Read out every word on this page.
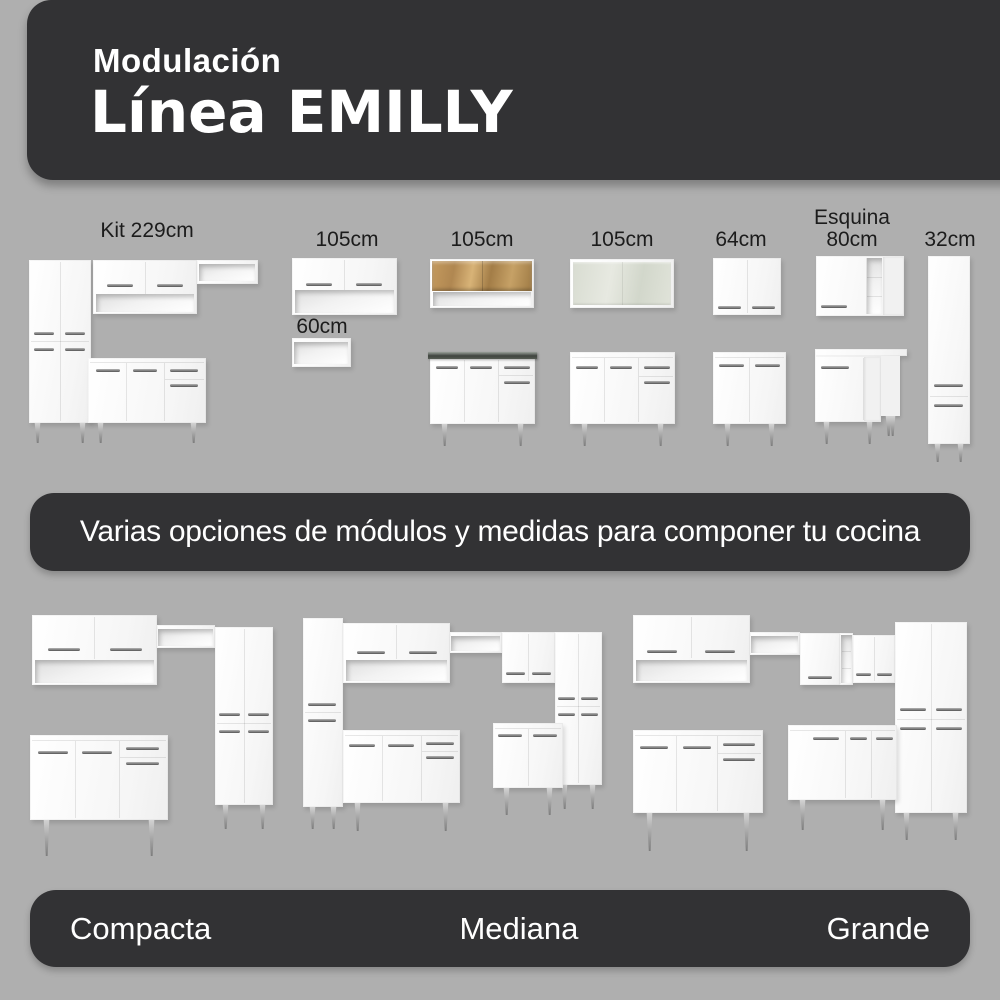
Modulación
Línea EMILLY
Kit 229cm	105cm
60cm
105cm	105cm	64cm
Esquina
80cm	32cm
Varias opciones de módulos y medidas para componer tu cocina
Compacta	Mediana	Grande
